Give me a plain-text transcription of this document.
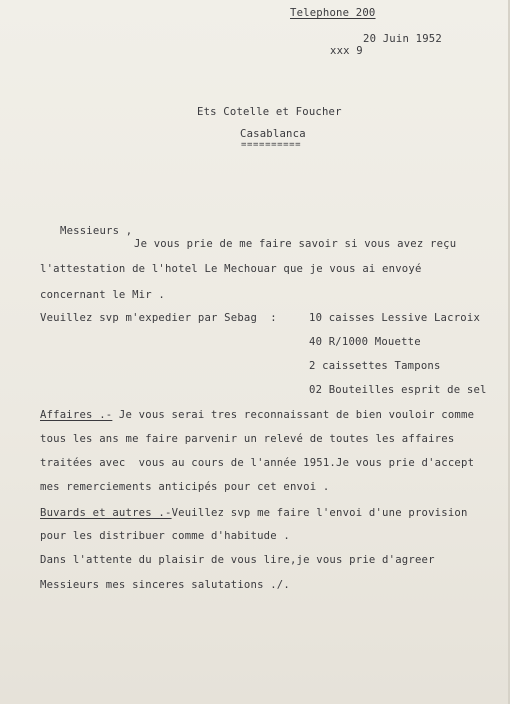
Telephone 200
20 Juin 1952
xxx 9
Ets Cotelle et Foucher
Casablanca
==========
Messieurs ,
Je vous prie de me faire savoir si vous avez reçu
l'attestation de l'hotel Le Mechouar que je vous ai envoyé
concernant le Mir .
Veuillez svp m'expedier par Sebag  :	10 caisses Lessive Lacroix
40 R/1000 Mouette
2 caissettes Tampons
02 Bouteilles esprit de sel
Affaires .- Je vous serai tres reconnaissant de bien vouloir comme
tous les ans me faire parvenir un relevé de toutes les affaires
traitées avec  vous au cours de l'année 1951.Je vous prie d'accept
mes remerciements anticipés pour cet envoi .
Buvards et autres .-Veuillez svp me faire l'envoi d'une provision
pour les distribuer comme d'habitude .
Dans l'attente du plaisir de vous lire,je vous prie d'agreer
Messieurs mes sinceres salutations ./.
